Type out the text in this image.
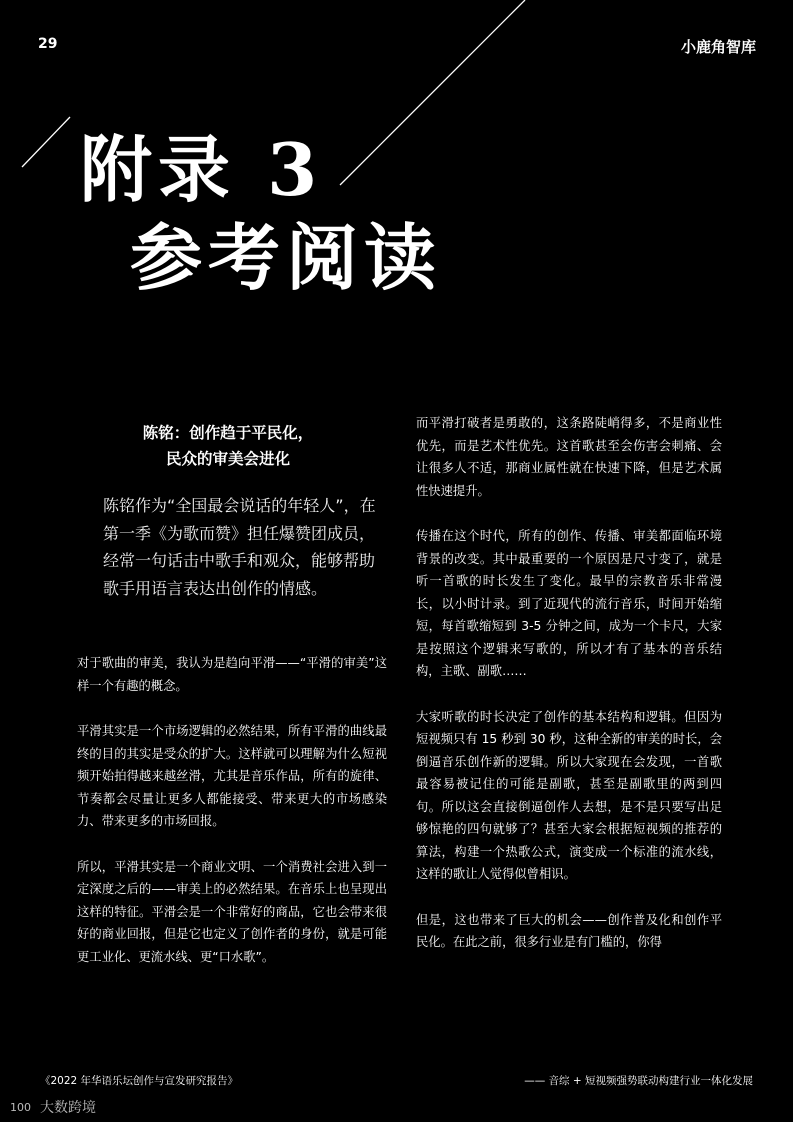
29	小鹿角智库
附录 3
参考阅读
陈铭：创作趋于平民化，
民众的审美会进化
陈铭作为“全国最会说话的年轻人”，在第一季《为歌而赞》担任爆赞团成员，经常一句话击中歌手和观众，能够帮助歌手用语言表达出创作的情感。

对于歌曲的审美，我认为是趋向平滑——“平滑的审美”这样一个有趣的概念。

平滑其实是一个市场逻辑的必然结果，所有平滑的曲线最终的目的其实是受众的扩大。这样就可以理解为什么短视频开始拍得越来越丝滑，尤其是音乐作品，所有的旋律、节奏都会尽量让更多人都能接受、带来更大的市场感染力、带来更多的市场回报。

所以，平滑其实是一个商业文明、一个消费社会进入到一定深度之后的——审美上的必然结果。在音乐上也呈现出这样的特征。平滑会是一个非常好的商品，它也会带来很好的商业回报，但是它也定义了创作者的身份，就是可能更工业化、更流水线、更“口水歌”。

而平滑打破者是勇敢的，这条路陡峭得多，不是商业性优先，而是艺术性优先。这首歌甚至会伤害会刺痛、会让很多人不适，那商业属性就在快速下降，但是艺术属性快速提升。

传播在这个时代，所有的创作、传播、审美都面临环境背景的改变。其中最重要的一个原因是尺寸变了，就是听一首歌的时长发生了变化。最早的宗教音乐非常漫长，以小时计录。到了近现代的流行音乐，时间开始缩短，每首歌缩短到 3-5 分钟之间，成为一个卡尺，大家是按照这个逻辑来写歌的，所以才有了基本的音乐结构，主歌、副歌……

大家听歌的时长决定了创作的基本结构和逻辑。但因为短视频只有 15 秒到 30 秒，这种全新的审美的时长，会倒逼音乐创作新的逻辑。所以大家现在会发现，一首歌最容易被记住的可能是副歌，甚至是副歌里的两到四句。所以这会直接倒逼创作人去想，是不是只要写出足够惊艳的四句就够了？甚至大家会根据短视频的推荐的算法，构建一个热歌公式，演变成一个标准的流水线，这样的歌让人觉得似曾相识。

但是，这也带来了巨大的机会——创作普及化和创作平民化。在此之前，很多行业是有门槛的，你得

《2022 年华语乐坛创作与宣发研究报告》	—— 音综 + 短视频强势联动构建行业一体化发展
100 大数跨境
